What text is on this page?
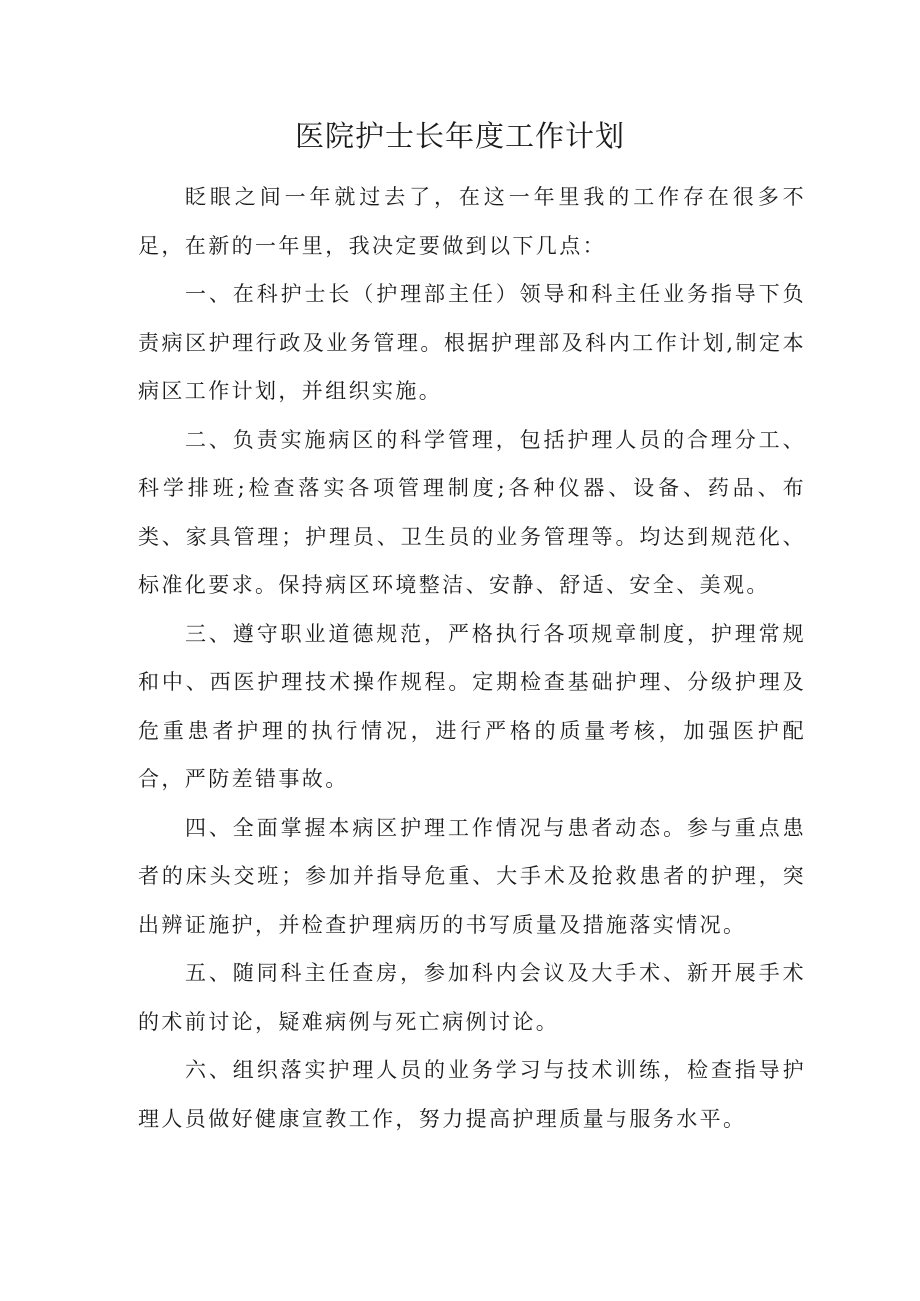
医院护士长年度工作计划

眨眼之间一年就过去了，在这一年里我的工作存在很多不足，在新的一年里，我决定要做到以下几点：

一、在科护士长（护理部主任）领导和科主任业务指导下负责病区护理行政及业务管理。根据护理部及科内工作计划,制定本病区工作计划，并组织实施。

二、负责实施病区的科学管理，包括护理人员的合理分工、科学排班;检查落实各项管理制度;各种仪器、设备、药品、布类、家具管理；护理员、卫生员的业务管理等。均达到规范化、标准化要求。保持病区环境整洁、安静、舒适、安全、美观。

三、遵守职业道德规范，严格执行各项规章制度，护理常规和中、西医护理技术操作规程。定期检查基础护理、分级护理及危重患者护理的执行情况，进行严格的质量考核，加强医护配合，严防差错事故。

四、全面掌握本病区护理工作情况与患者动态。参与重点患者的床头交班；参加并指导危重、大手术及抢救患者的护理，突出辨证施护，并检查护理病历的书写质量及措施落实情况。

五、随同科主任查房，参加科内会议及大手术、新开展手术的术前讨论，疑难病例与死亡病例讨论。

六、组织落实护理人员的业务学习与技术训练，检查指导护理人员做好健康宣教工作，努力提高护理质量与服务水平。
